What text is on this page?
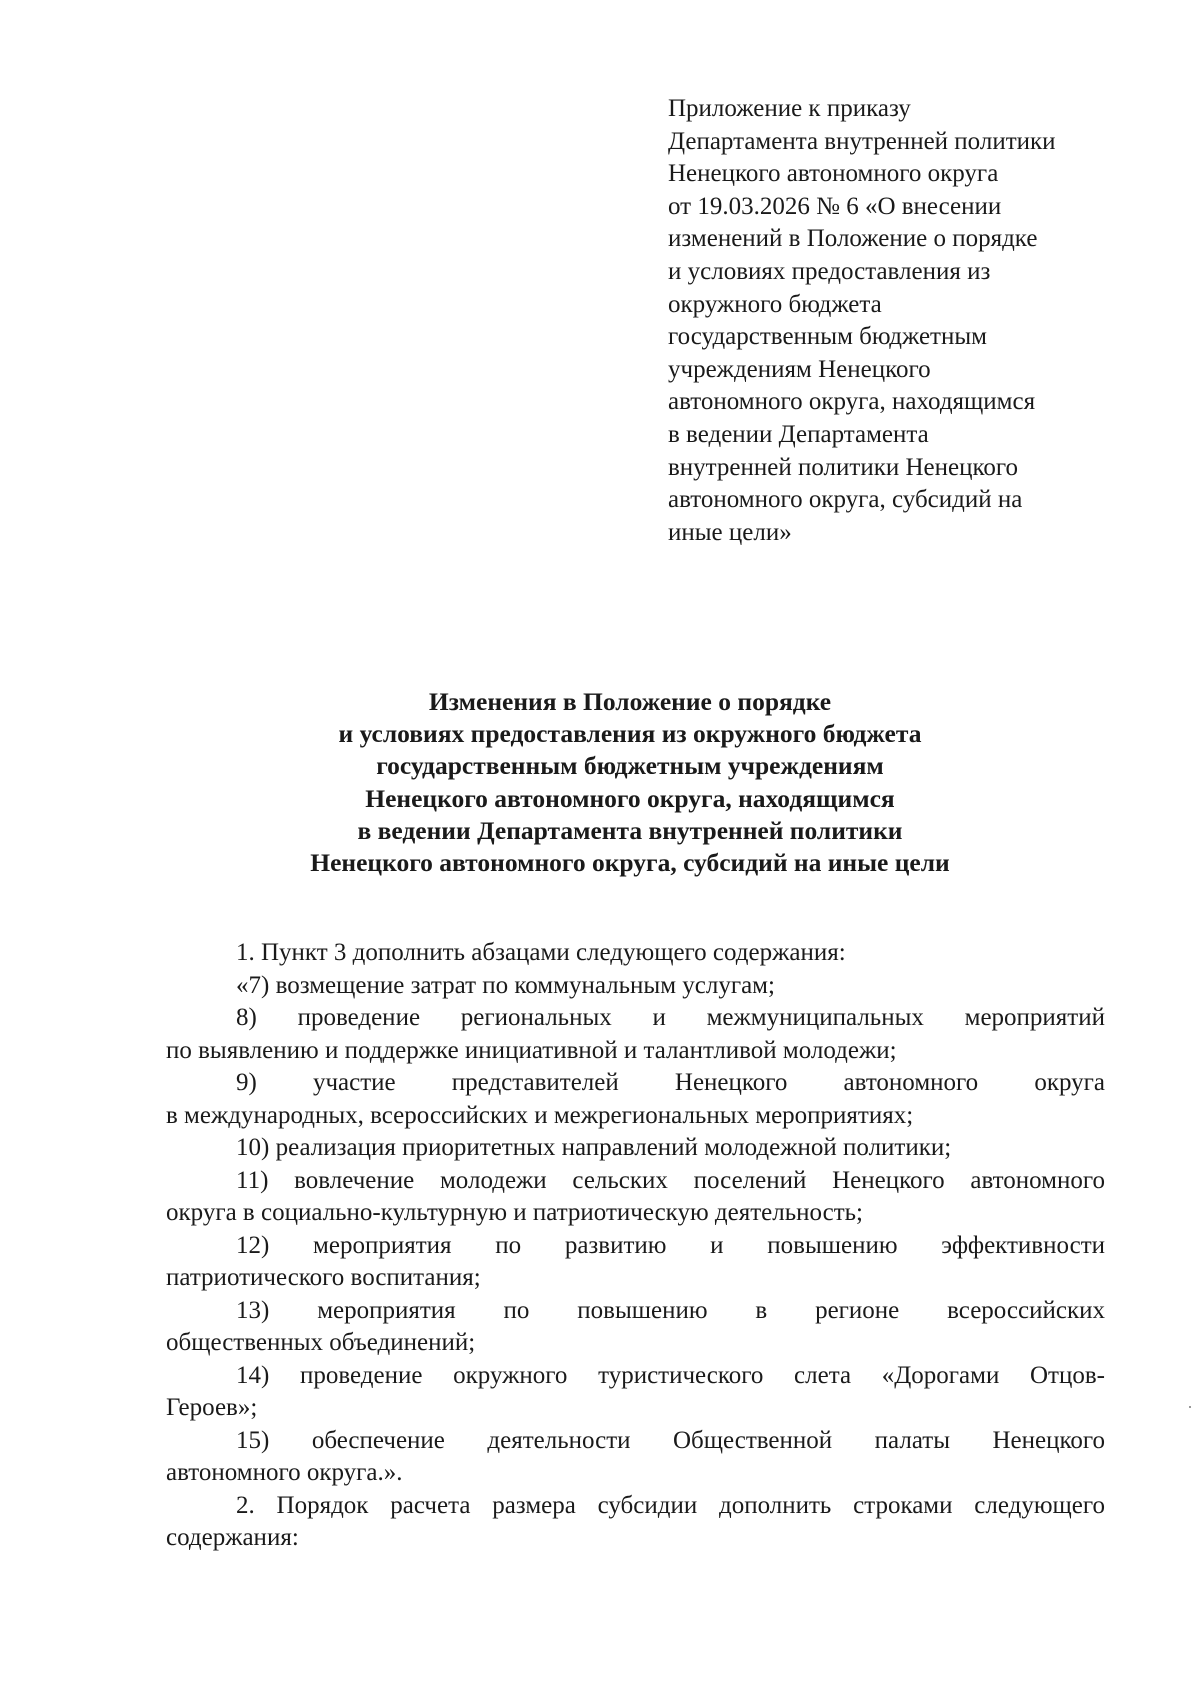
Приложение к приказу
Департамента внутренней политики
Ненецкого автономного округа
от 19.03.2026 № 6 «О внесении
изменений в Положение о порядке
и условиях предоставления из
окружного бюджета
государственным бюджетным
учреждениям Ненецкого
автономного округа, находящимся
в ведении Департамента
внутренней политики Ненецкого
автономного округа, субсидий на
иные цели»
Изменения в Положение о порядке
и условиях предоставления из окружного бюджета
государственным бюджетным учреждениям
Ненецкого автономного округа, находящимся
в ведении Департамента внутренней политики
Ненецкого автономного округа, субсидий на иные цели
1. Пункт 3 дополнить абзацами следующего содержания:
«7) возмещение затрат по коммунальным услугам;
8) проведение региональных и межмуниципальных мероприятий
по выявлению и поддержке инициативной и талантливой молодежи;
9) участие представителей Ненецкого автономного округа
в международных, всероссийских и межрегиональных мероприятиях;
10) реализация приоритетных направлений молодежной политики;
11) вовлечение молодежи сельских поселений Ненецкого автономного
округа в социально-культурную и патриотическую деятельность;
12) мероприятия по развитию и повышению эффективности
патриотического воспитания;
13) мероприятия по повышению в регионе всероссийских
общественных объединений;
14) проведение окружного туристического слета «Дорогами Отцов-
Героев»;
15) обеспечение деятельности Общественной палаты Ненецкого
автономного округа.».
2. Порядок расчета размера субсидии дополнить строками следующего
содержания:
